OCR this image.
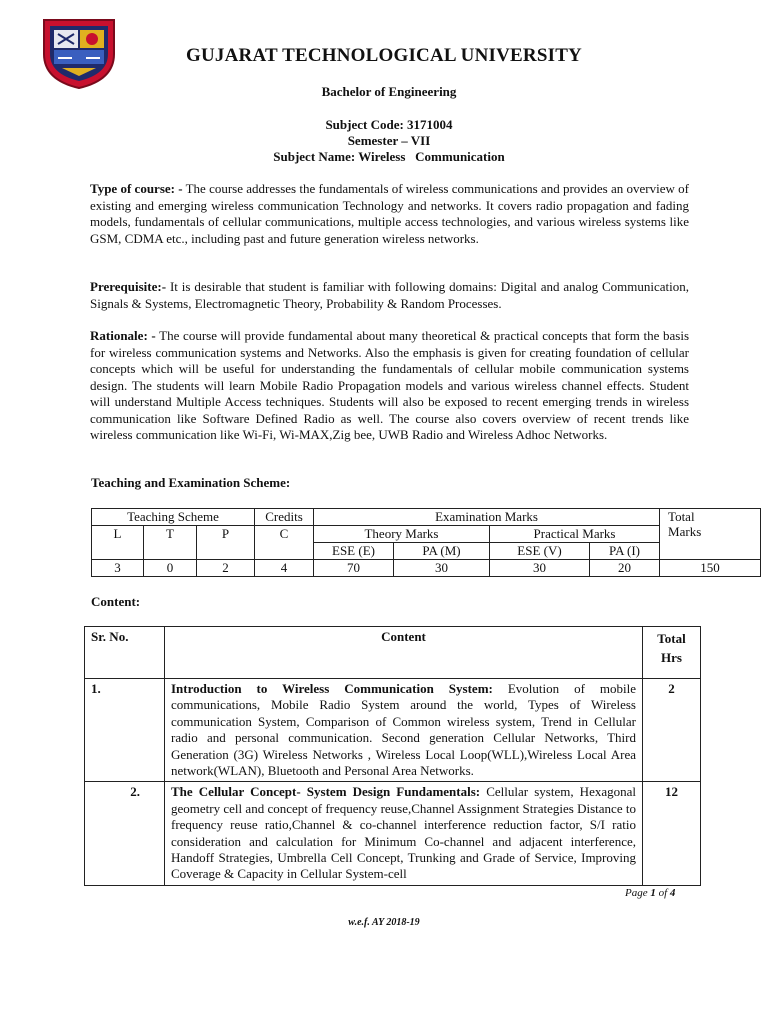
GUJARAT TECHNOLOGICAL UNIVERSITY
Bachelor of Engineering
Subject Code: 3171004
Semester – VII
Subject Name: Wireless   Communication
Type of course: - The course addresses the fundamentals of wireless communications and provides an overview of existing and emerging wireless communication Technology and networks. It covers radio propagation and fading models, fundamentals of cellular communications, multiple access technologies, and various wireless systems like GSM, CDMA etc., including past and future generation wireless networks.
Prerequisite:- It is desirable that student is familiar with following domains: Digital and analog Communication, Signals & Systems, Electromagnetic Theory, Probability & Random Processes.
Rationale: - The course will provide fundamental about many theoretical & practical concepts that form the basis for wireless communication systems and Networks. Also the emphasis is given for creating foundation of cellular concepts which will be useful for understanding the fundamentals of cellular mobile communication systems design. The students will learn Mobile Radio Propagation models and various wireless channel effects. Student will understand Multiple Access techniques. Students will also be exposed to recent emerging trends in wireless communication like Software Defined Radio as well. The course also covers overview of recent trends like wireless communication like Wi-Fi, Wi-MAX,Zig bee, UWB Radio and Wireless Adhoc Networks.
Teaching and Examination Scheme:
Teaching Scheme			Credits	Examination Marks				Total
Marks
L	T	P	C	Theory Marks		Practical Marks		
				ESE (E)	PA (M)	ESE (V)	PA (I)	
3	0	2	4	70	30	30	20	150
Content:
Sr. No.	Content	Total
Hrs
1.	Introduction to Wireless Communication System: Evolution of mobile communications, Mobile Radio System around the world, Types of Wireless communication System, Comparison of Common wireless system, Trend in Cellular radio and personal communication. Second generation Cellular Networks, Third Generation (3G) Wireless Networks , Wireless Local Loop(WLL),Wireless Local Area network(WLAN), Bluetooth and Personal Area Networks.	2
2.	The Cellular Concept- System Design Fundamentals: Cellular system, Hexagonal geometry cell and concept of frequency reuse,Channel Assignment Strategies Distance to frequency reuse ratio,Channel & co-channel interference reduction factor, S/I ratio consideration and calculation for Minimum Co-channel and adjacent interference, Handoff Strategies, Umbrella Cell Concept, Trunking and Grade of Service, Improving Coverage & Capacity in Cellular System-cell	12
Page 1 of 4
w.e.f. AY 2018-19
